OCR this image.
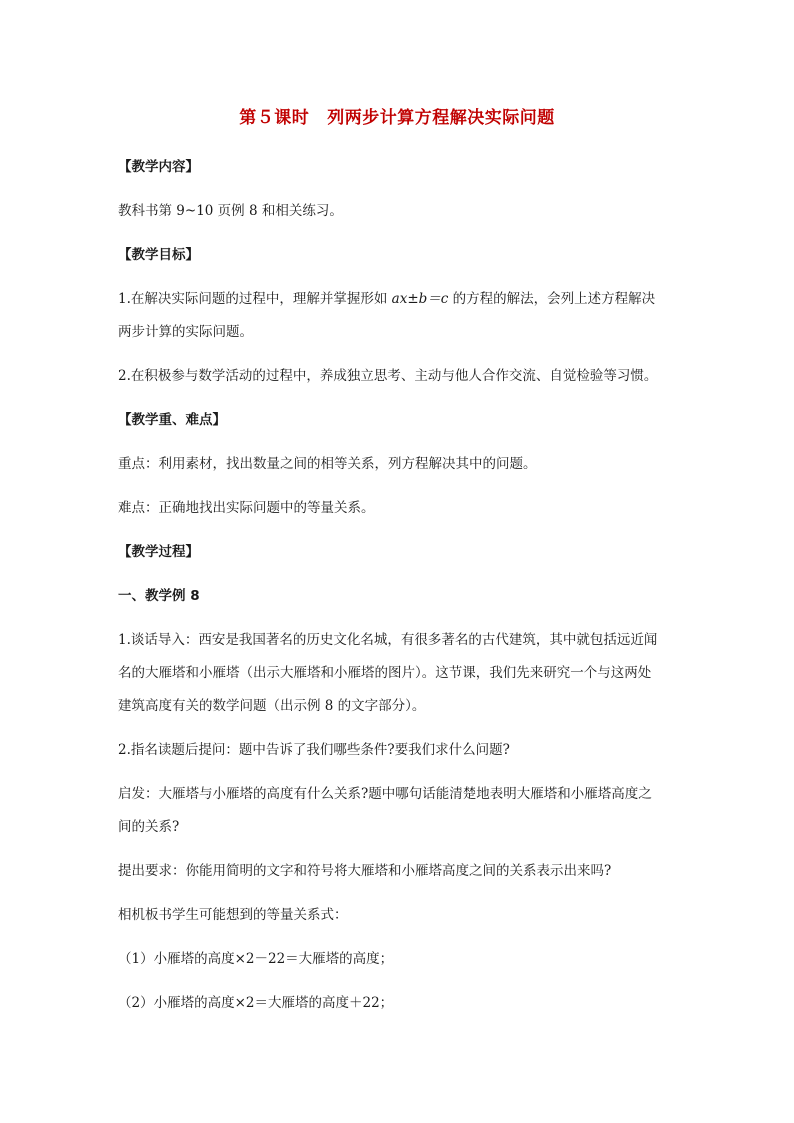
第５课时 列两步计算方程解决实际问题
【教学内容】
教科书第 9~10 页例 8 和相关练习。
【教学目标】
1.在解决实际问题的过程中，理解并掌握形如 ax±b＝c 的方程的解法，会列上述方程解决
两步计算的实际问题。
2.在积极参与数学活动的过程中，养成独立思考、主动与他人合作交流、自觉检验等习惯。
【教学重、难点】
重点：利用素材，找出数量之间的相等关系，列方程解决其中的问题。
难点：正确地找出实际问题中的等量关系。
【教学过程】
一、教学例 8
1.谈话导入：西安是我国著名的历史文化名城，有很多著名的古代建筑，其中就包括远近闻
名的大雁塔和小雁塔（出示大雁塔和小雁塔的图片）。这节课，我们先来研究一个与这两处
建筑高度有关的数学问题（出示例 8 的文字部分）。
2.指名读题后提问：题中告诉了我们哪些条件?要我们求什么问题?
启发：大雁塔与小雁塔的高度有什么关系?题中哪句话能清楚地表明大雁塔和小雁塔高度之
间的关系?
提出要求：你能用简明的文字和符号将大雁塔和小雁塔高度之间的关系表示出来吗?
相机板书学生可能想到的等量关系式：
（1）小雁塔的高度×2－22＝大雁塔的高度；
（2）小雁塔的高度×2＝大雁塔的高度＋22；
